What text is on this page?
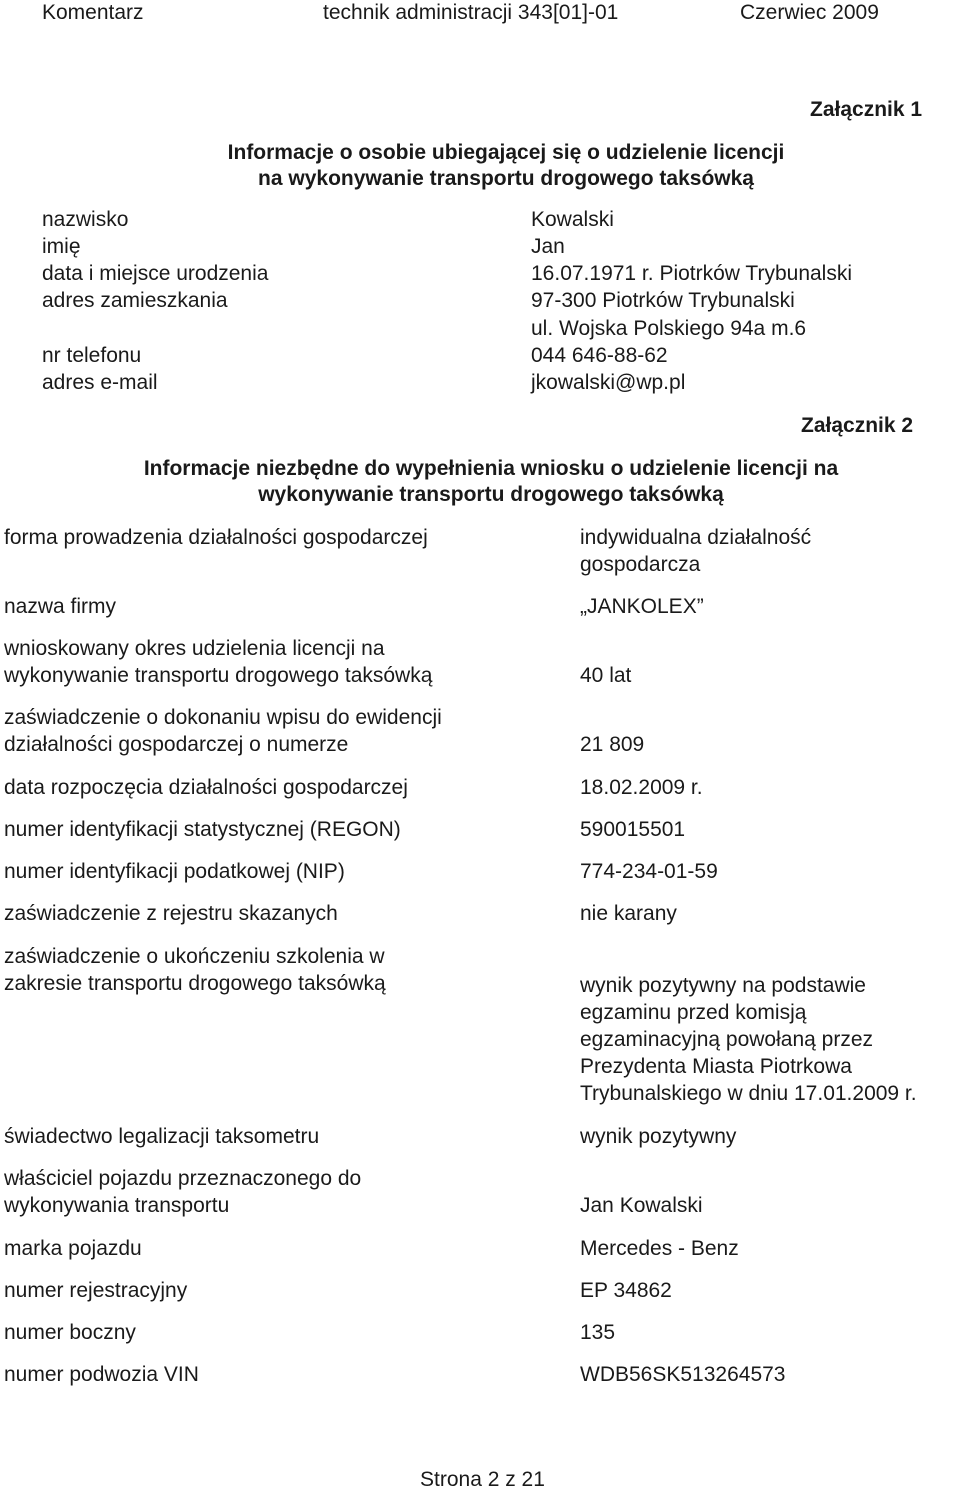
Komentarz	technik administracji 343[01]-01	Czerwiec 2009
Załącznik 1
Informacje o osobie ubiegającej się o udzielenie licencji
na wykonywanie transportu drogowego taksówką
nazwisko	Kowalski
imię	Jan
data i miejsce urodzenia	16.07.1971 r. Piotrków Trybunalski
adres zamieszkania	97-300 Piotrków Trybunalski
ul. Wojska Polskiego 94a m.6
nr telefonu	044 646-88-62
adres e-mail	jkowalski@wp.pl
Załącznik 2
Informacje niezbędne do wypełnienia wniosku o udzielenie licencji na
wykonywanie transportu drogowego taksówką
forma prowadzenia działalności gospodarczej	indywidualna działalność
gospodarcza
nazwa firmy	„JANKOLEX”
wnioskowany okres udzielenia licencji na
wykonywanie transportu drogowego taksówką	40 lat
zaświadczenie o dokonaniu wpisu do ewidencji
działalności gospodarczej o numerze	21 809
data rozpoczęcia działalności gospodarczej	18.02.2009 r.
numer identyfikacji statystycznej (REGON)	590015501
numer identyfikacji podatkowej (NIP)	774-234-01-59
zaświadczenie z rejestru skazanych	nie karany
zaświadczenie o ukończeniu szkolenia w
zakresie transportu drogowego taksówką	wynik pozytywny na podstawie
egzaminu przed komisją
egzaminacyjną powołaną przez
Prezydenta Miasta Piotrkowa
Trybunalskiego w dniu 17.01.2009 r.
świadectwo legalizacji taksometru	wynik pozytywny
właściciel pojazdu przeznaczonego do
wykonywania transportu	Jan Kowalski
marka pojazdu	Mercedes - Benz
numer rejestracyjny	EP 34862
numer boczny	135
numer podwozia VIN	WDB56SK513264573
Strona 2 z 21
